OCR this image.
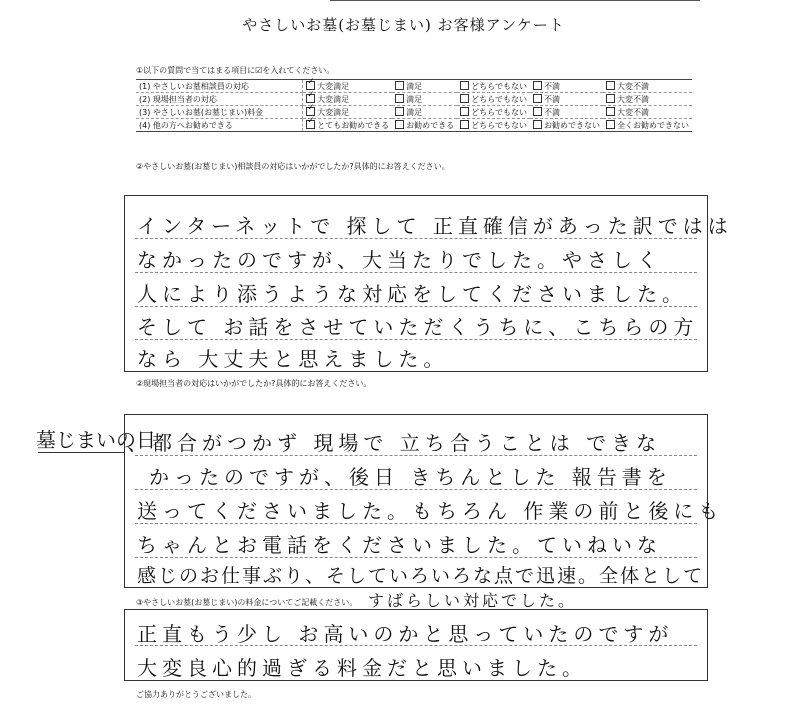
やさしいお墓(お墓じまい) お客様アンケート
①以下の質問で当てはまる項目に☑を入れてください。
(1) やさしいお墓相談員の対応	✓大変満足	満足	どちらでもない	不満	大変不満
(2) 現場担当者の対応	✓大変満足	満足	どちらでもない	不満	大変不満
(3) やさしいお墓(お墓じまい)料金	✓大変満足	満足	どちらでもない	不満	大変不満
(4) 他の方へお勧めできる	✓とてもお勧めできる	お勧めできる	どちらでもない	お勧めできない	全くお勧めできない
②やさしいお墓(お墓じまい)相談員の対応はいかがでしたか?具体的にお答えください。
インターネットで 探して 正直確信があった訳ではは
なかったのですが、大当たりでした。やさしく
人により添うような対応をしてくださいました。
そして お話をさせていただくうちに、こちらの方
なら 大丈夫と思えました。
②現場担当者の対応はいかがでしたか?具体的にお答えください。
墓じまいの日
、都合がつかず 現場で 立ち合うことは できな
かったのですが、後日 きちんとした 報告書を
送ってくださいました。もちろん 作業の前と後にも
ちゃんとお電話をくださいました。ていねいな
感じのお仕事ぶり、そしていろいろな点で迅速。全体として
③やさしいお墓(お墓じまい)の料金についてご記載ください。 すばらしい対応でした。
正直もう少し お高いのかと思っていたのですが
大変良心的過ぎる料金だと思いました。
ご協力ありがとうございました。
